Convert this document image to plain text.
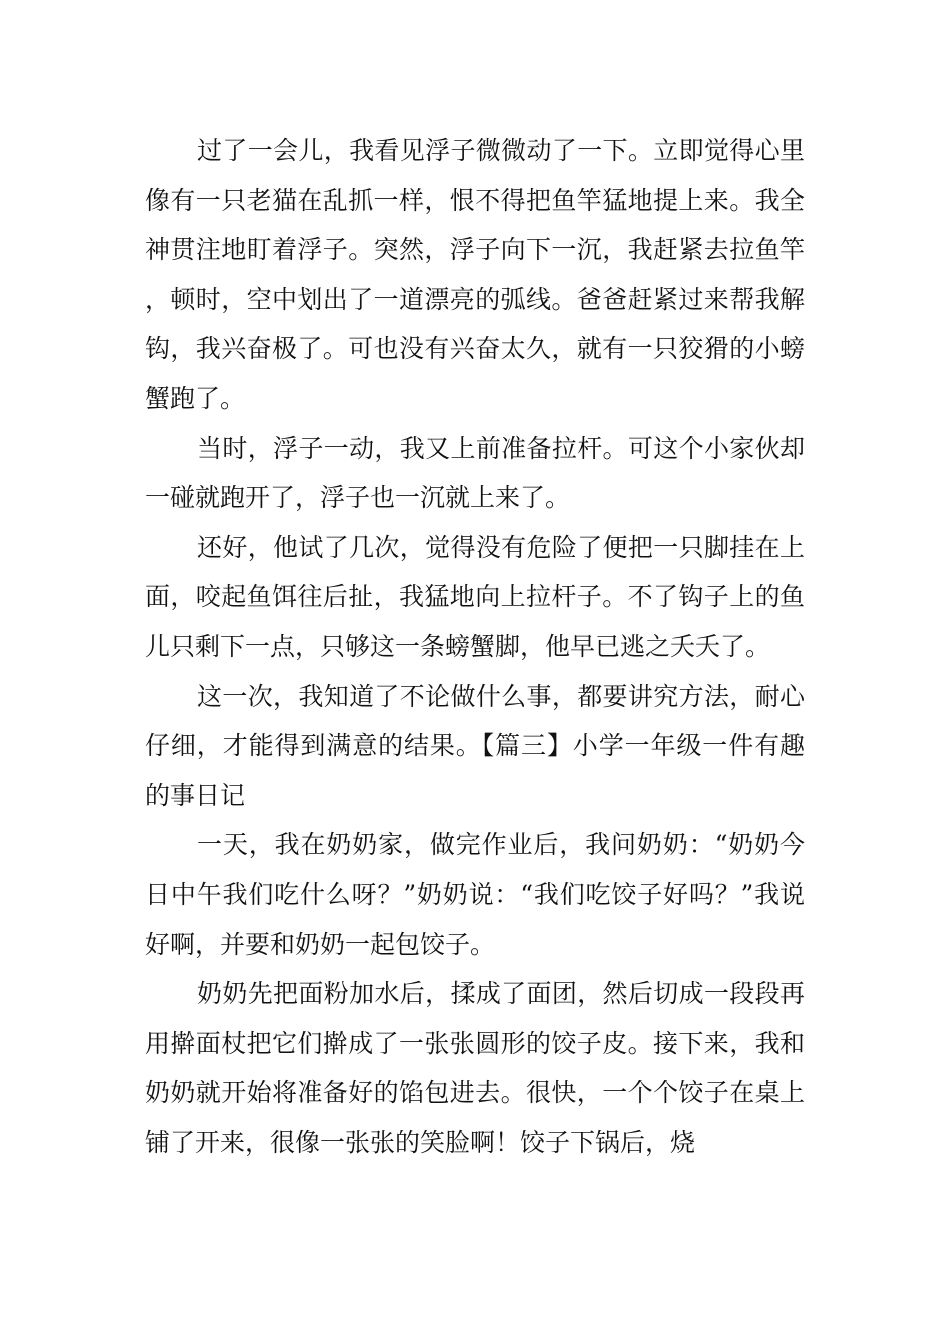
过了一会儿，我看见浮子微微动了一下。立即觉得心里像有一只老猫在乱抓一样，恨不得把鱼竿猛地提上来。我全神贯注地盯着浮子。突然，浮子向下一沉，我赶紧去拉鱼竿，顿时，空中划出了一道漂亮的弧线。爸爸赶紧过来帮我解钩，我兴奋极了。可也没有兴奋太久，就有一只狡猾的小螃蟹跑了。

当时，浮子一动，我又上前准备拉杆。可这个小家伙却一碰就跑开了，浮子也一沉就上来了。

还好，他试了几次，觉得没有危险了便把一只脚挂在上面，咬起鱼饵往后扯，我猛地向上拉杆子。不了钩子上的鱼儿只剩下一点，只够这一条螃蟹脚，他早已逃之夭夭了。

这一次，我知道了不论做什么事，都要讲究方法，耐心仔细，才能得到满意的结果。【篇三】小学一年级一件有趣的事日记

一天，我在奶奶家，做完作业后，我问奶奶：“奶奶今日中午我们吃什么呀？”奶奶说：“我们吃饺子好吗？”我说好啊，并要和奶奶一起包饺子。

奶奶先把面粉加水后，揉成了面团，然后切成一段段再用擀面杖把它们擀成了一张张圆形的饺子皮。接下来，我和奶奶就开始将准备好的馅包进去。很快，一个个饺子在桌上铺了开来，很像一张张的笑脸啊！饺子下锅后，烧
